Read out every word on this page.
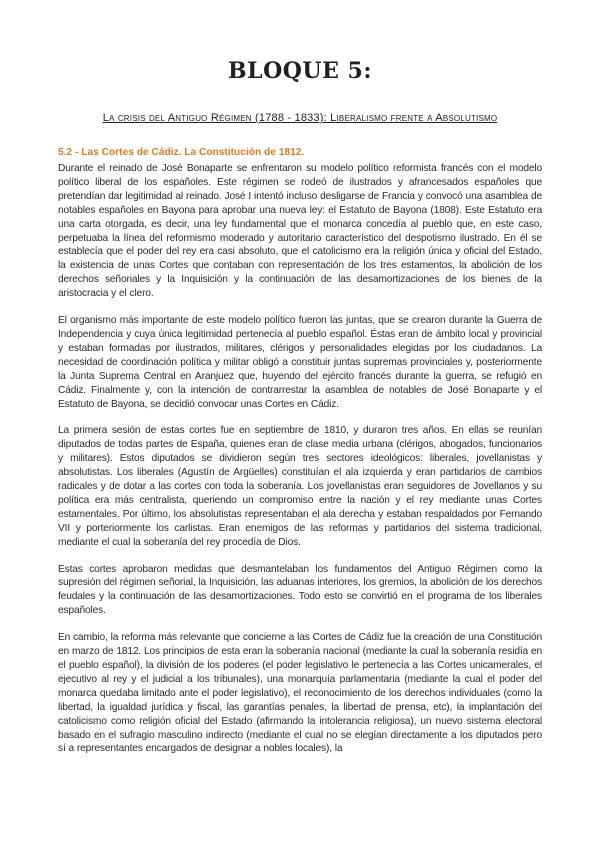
BLOQUE 5:
La crisis del Antiguo Régimen (1788 - 1833): Liberalismo frente a Absolutismo
5.2 - Las Cortes de Cádiz. La Constitución de 1812.

Durante el reinado de José Bonaparte se enfrentaron su modelo político reformista francés con el modelo político liberal de los españoles. Este régimen se rodeó de ilustrados y afrancesados españoles que pretendían dar legitimidad al reinado. José I intentó incluso desligarse de Francia y convocó una asamblea de notables españoles en Bayona para aprobar una nueva ley: el Estatuto de Bayona (1808). Este Estatuto era una carta otorgada, es decir, una ley fundamental que el monarca concedía al pueblo que, en este caso, perpetuaba la línea del reformismo moderado y autoritario característico del despotismo ilustrado. En él se establecía que el poder del rey era casi absoluto, que el catolicismo era la religión única y oficial del Estado, la existencia de unas Cortes que contaban con representación de los tres estamentos, la abolición de los derechos señoriales y la Inquisición y la continuación de las desamortizaciones de los bienes de la aristocracia y el clero.

El organismo más importante de este modelo político fueron las juntas, que se crearon durante la Guerra de Independencia y cuya única legitimidad pertenecía al pueblo español. Éstas eran de ámbito local y provincial y estaban formadas por ilustrados, militares, clérigos y personalidades elegidas por los ciudadanos. La necesidad de coordinación política y militar obligó a constituir juntas supremas provinciales y, posteriormente la Junta Suprema Central en Aranjuez que, huyendo del ejército francés durante la guerra, se refugió en Cádiz. Finalmente y, con la intención de contrarrestar la asamblea de notables de José Bonaparte y el Estatuto de Bayona, se decidió convocar unas Cortes en Cádiz.

La primera sesión de estas cortes fue en septiembre de 1810, y duraron tres años. En ellas se reunían diputados de todas partes de España, quienes eran de clase media urbana (clérigos, abogados, funcionarios y militares). Estos diputados se dividieron según tres sectores ideológicos: liberales, jovellanistas y absolutistas. Los liberales (Agustín de Argüelles) constituían el ala izquierda y eran partidarios de cambios radicales y de dotar a las cortes con toda la soberanía. Los jovellanistas eran seguidores de Jovellanos y su política era más centralista, queriendo un compromiso entre la nación y el rey mediante unas Cortes estamentales. Por último, los absolutistas representaban el ala derecha y estaban respaldados por Fernando VII y porteriormente los carlistas. Eran enemigos de las reformas y partidarios del sistema tradicional, mediante el cual la soberanía del rey procedía de Dios.

Estas cortes aprobaron medidas que desmantelaban los fundamentos del Antiguo Régimen como la supresión del régimen señorial, la Inquisición, las aduanas interiores, los gremios, la abolición de los derechos feudales y la continuación de las desamortizaciones. Todo esto se convirtió en el programa de los liberales españoles.

En cambio, la reforma más relevante que concierne a las Cortes de Cádiz fue la creación de una Constitución en marzo de 1812. Los principios de esta eran la soberanía nacional (mediante la cual la soberanía residía en el pueblo español), la división de los poderes (el poder legislativo le pertenecía a las Cortes unicamerales, el ejecutivo al rey y el judicial a los tribunales), una monarquía parlamentaria (mediante la cual el poder del monarca quedaba limitado ante el poder legislativo), el reconocimiento de los derechos individuales (como la libertad, la igualdad jurídica y fiscal, las garantías penales, la libertad de prensa, etc), la implantación del catolicismo como religión oficial del Estado (afirmando la intolerancia religiosa), un nuevo sistema electoral basado en el sufragio masculino indirecto (mediante el cual no se elegían directamente a los diputados pero sí a representantes encargados de designar a nobles locales), la
